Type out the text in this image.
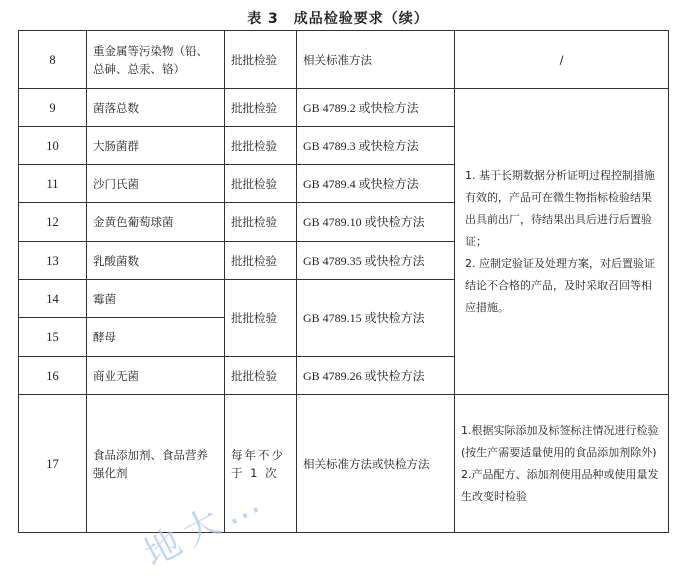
表 3　成品检验要求（续）
8	重金属等污染物（铅、总砷、总汞、铬）	批批检验	相关标准方法	/
9	菌落总数	批批检验	GB 4789.2 或快检方法	1. 基于长期数据分析证明过程控制措施有效的，产品可在微生物指标检验结果出具前出厂，待结果出具后进行后置验证；
2. 应制定验证及处理方案，对后置验证结论不合格的产品，及时采取召回等相应措施。

10	大肠菌群	批批检验	GB 4789.3 或快检方法	
11	沙门氏菌	批批检验	GB 4789.4 或快检方法	
12	金黄色葡萄球菌	批批检验	GB 4789.10 或快检方法	
13	乳酸菌数	批批检验	GB 4789.35 或快检方法	
14	霉菌	批批检验	GB 4789.15 或快检方法	
15	酵母			
16	商业无菌	批批检验	GB 4789.26 或快检方法	
17	食品添加剂、食品营养强化剂	每年不少于 1 次	相关标准方法或快检方法	1.根据实际添加及标签标注情况进行检验(按生产需要适量使用的食品添加剂除外)
2.产品配方、添加剂使用品种或使用量发生改变时检验
地大…
